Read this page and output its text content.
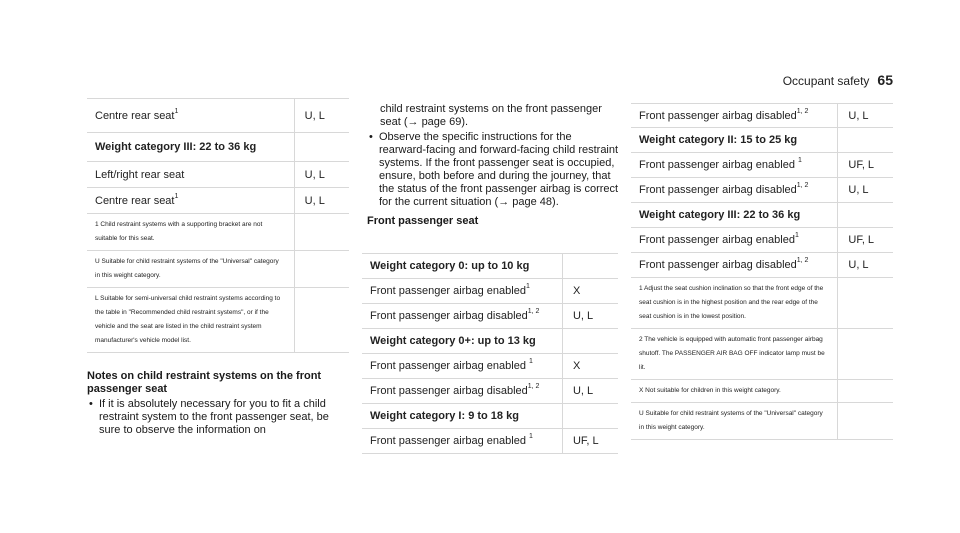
Occupant safety 65
Centre rear seat$^1$	U, L
Weight category III: 22 to 36 kg	
Left/right rear seat	U, L
Centre rear seat$^1$	U, L
1 Child restraint systems with a supporting bracket are not suitable for this seat.	
U Suitable for child restraint systems of the "Universal" category in this weight category.	
L Suitable for semi-universal child restraint systems according to the table in "Recommended child restraint systems", or if the vehicle and the seat are listed in the child restraint system manufacturer's vehicle model list.	
Notes on child restraint systems on the front passenger seat
• If it is absolutely necessary for you to fit a child restraint system to the front passenger seat, be sure to observe the information on

child restraint systems on the front passenger seat (→ page 69).

• Observe the specific instructions for the rearward-facing and forward-facing child restraint systems. If the front passenger seat is occupied, ensure, both before and during the journey, that the status of the front passenger airbag is correct for the current situation (→ page 48).
Front passenger seat
Weight category 0: up to 10 kg	
Front passenger airbag enabled$^1$	X
Front passenger airbag disabled$^{1, 2}$	U, L
Weight category 0+: up to 13 kg	
Front passenger airbag enabled $^1$	X
Front passenger airbag disabled$^{1, 2}$	U, L
Weight category I: 9 to 18 kg	
Front passenger airbag enabled $^1$	UF, L
Front passenger airbag disabled$^{1, 2}$	U, L
Weight category II: 15 to 25 kg	
Front passenger airbag enabled $^1$	UF, L
Front passenger airbag disabled$^{1, 2}$	U, L
Weight category III: 22 to 36 kg	
Front passenger airbag enabled$^1$	UF, L
Front passenger airbag disabled$^{1, 2}$	U, L
1 Adjust the seat cushion inclination so that the front edge of the seat cushion is in the highest position and the rear edge of the seat cushion is in the lowest position.	
2 The vehicle is equipped with automatic front passenger airbag shutoff. The PASSENGER AIR BAG OFF indicator lamp must be lit.	
X Not suitable for children in this weight category.	
U Suitable for child restraint systems of the "Universal" category in this weight category.	
